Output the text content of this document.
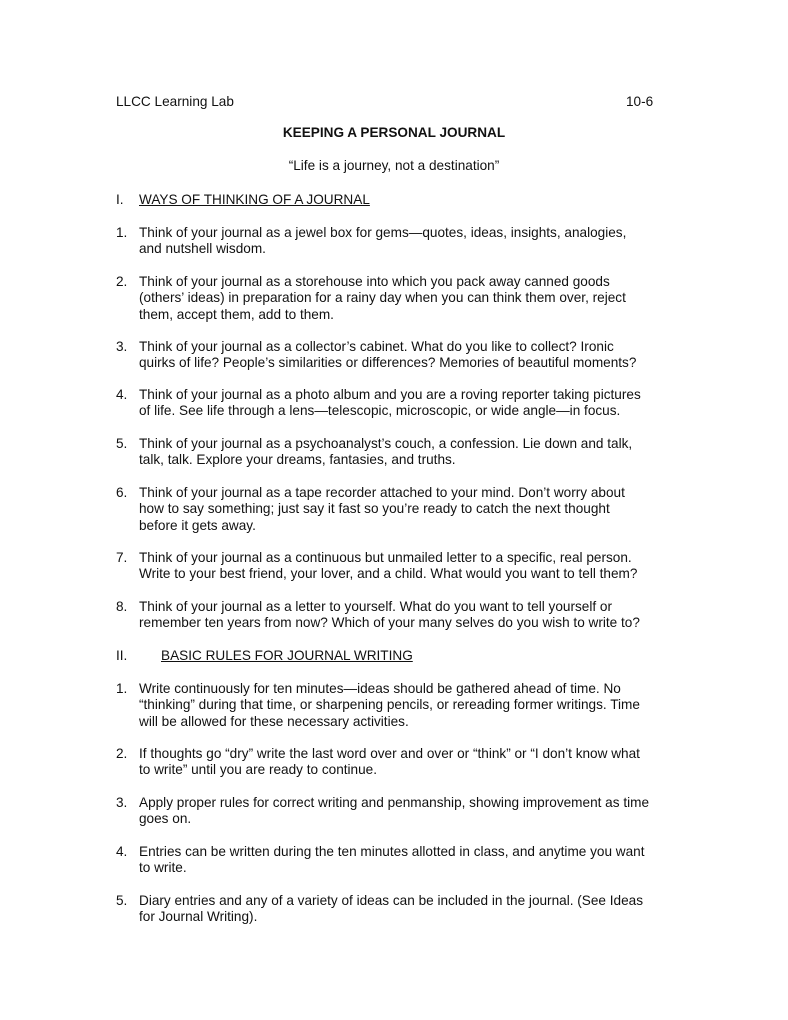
LLCC Learning Lab	10-6
KEEPING A PERSONAL JOURNAL
“Life is a journey, not a destination”
I. WAYS OF THINKING OF A JOURNAL
1. Think of your journal as a jewel box for gems—quotes, ideas, insights, analogies,
and nutshell wisdom.
2. Think of your journal as a storehouse into which you pack away canned goods
(others’ ideas) in preparation for a rainy day when you can think them over, reject
them, accept them, add to them.
3. Think of your journal as a collector’s cabinet. What do you like to collect? Ironic
quirks of life? People’s similarities or differences? Memories of beautiful moments?
4. Think of your journal as a photo album and you are a roving reporter taking pictures
of life. See life through a lens—telescopic, microscopic, or wide angle—in focus.
5. Think of your journal as a psychoanalyst’s couch, a confession. Lie down and talk,
talk, talk. Explore your dreams, fantasies, and truths.
6. Think of your journal as a tape recorder attached to your mind. Don’t worry about
how to say something; just say it fast so you’re ready to catch the next thought
before it gets away.
7. Think of your journal as a continuous but unmailed letter to a specific, real person.
Write to your best friend, your lover, and a child. What would you want to tell them?
8. Think of your journal as a letter to yourself. What do you want to tell yourself or
remember ten years from now? Which of your many selves do you wish to write to?
II. BASIC RULES FOR JOURNAL WRITING
1. Write continuously for ten minutes—ideas should be gathered ahead of time. No
“thinking” during that time, or sharpening pencils, or rereading former writings. Time
will be allowed for these necessary activities.
2. If thoughts go “dry” write the last word over and over or “think” or “I don’t know what
to write” until you are ready to continue.
3. Apply proper rules for correct writing and penmanship, showing improvement as time
goes on.
4. Entries can be written during the ten minutes allotted in class, and anytime you want
to write.
5. Diary entries and any of a variety of ideas can be included in the journal. (See Ideas
for Journal Writing).
